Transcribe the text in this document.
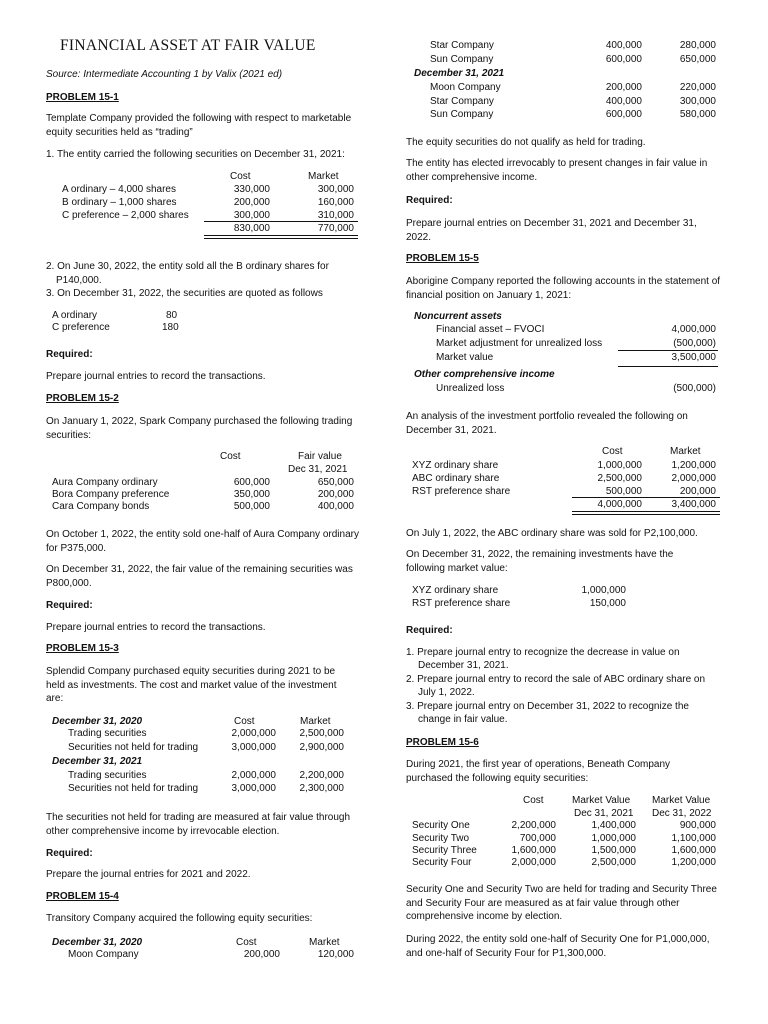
FINANCIAL ASSET AT FAIR VALUE
Source: Intermediate Accounting 1 by Valix (2021 ed)
PROBLEM 15-1
Template Company provided the following with respect to marketable equity securities held as “trading”
1. The entity carried the following securities on December 31, 2021:
Cost	Market
A ordinary – 4,000 shares	330,000	300,000
B ordinary – 1,000 shares	200,000	160,000
C preference – 2,000 shares	300,000	310,000
830,000	770,000
2. On June 30, 2022, the entity sold all the B ordinary shares for
P140,000.
3. On December 31, 2022, the securities are quoted as follows
A ordinary	80
C preference	180
Required:
Prepare journal entries to record the transactions.
PROBLEM 15-2
On January 1, 2022, Spark Company purchased the following trading securities:
Cost	Fair value
Dec 31, 2021
Aura Company ordinary	600,000	650,000
Bora Company preference	350,000	200,000
Cara Company bonds	500,000	400,000
On October 1, 2022, the entity sold one-half of Aura Company ordinary for P375,000.
On December 31, 2022, the fair value of the remaining securities was P800,000.
Required:
Prepare journal entries to record the transactions.
PROBLEM 15-3
Splendid Company purchased equity securities during 2021 to be held as investments. The cost and market value of the investment are:
December 31, 2020	Cost	Market
Trading securities	2,000,000	2,500,000
Securities not held for trading	3,000,000	2,900,000
December 31, 2021
Trading securities	2,000,000	2,200,000
Securities not held for trading	3,000,000	2,300,000
The securities not held for trading are measured at fair value through other comprehensive income by irrevocable election.
Required:
Prepare the journal entries for 2021 and 2022.
PROBLEM 15-4
Transitory Company acquired the following equity securities:
December 31, 2020	Cost	Market
Moon Company	200,000	120,000
Star Company	400,000	280,000
Sun Company	600,000	650,000
December 31, 2021
Moon Company	200,000	220,000
Star Company	400,000	300,000
Sun Company	600,000	580,000
The equity securities do not qualify as held for trading.
The entity has elected irrevocably to present changes in fair value in other comprehensive income.
Required:
Prepare journal entries on December 31, 2021 and December 31, 2022.
PROBLEM 15-5
Aborigine Company reported the following accounts in the statement of financial position on January 1, 2021:
Noncurrent assets
Financial asset – FVOCI	4,000,000
Market adjustment for unrealized loss	(500,000)
Market value	3,500,000
Other comprehensive income
Unrealized loss	(500,000)
An analysis of the investment portfolio revealed the following on December 31, 2021.
Cost	Market
XYZ ordinary share	1,000,000	1,200,000
ABC ordinary share	2,500,000	2,000,000
RST preference share	500,000	200,000
4,000,000	3,400,000
On July 1, 2022, the ABC ordinary share was sold for P2,100,000.
On December 31, 2022, the remaining investments have the following market value:
XYZ ordinary share	1,000,000
RST preference share	150,000
Required:
1. Prepare journal entry to recognize the decrease in value on
December 31, 2021.
2. Prepare journal entry to record the sale of ABC ordinary share on
July 1, 2022.
3. Prepare journal entry on December 31, 2022 to recognize the
change in fair value.
PROBLEM 15-6
During 2021, the first year of operations, Beneath Company purchased the following equity securities:
Cost	Market Value
Dec 31, 2021
Market Value
Dec 31, 2022
Security One	2,200,000	1,400,000	900,000
Security Two	700,000	1,000,000	1,100,000
Security Three	1,600,000	1,500,000	1,600,000
Security Four	2,000,000	2,500,000	1,200,000
Security One and Security Two are held for trading and Security Three and Security Four are measured as at fair value through other comprehensive income by election.
During 2022, the entity sold one-half of Security One for P1,000,000, and one-half of Security Four for P1,300,000.
